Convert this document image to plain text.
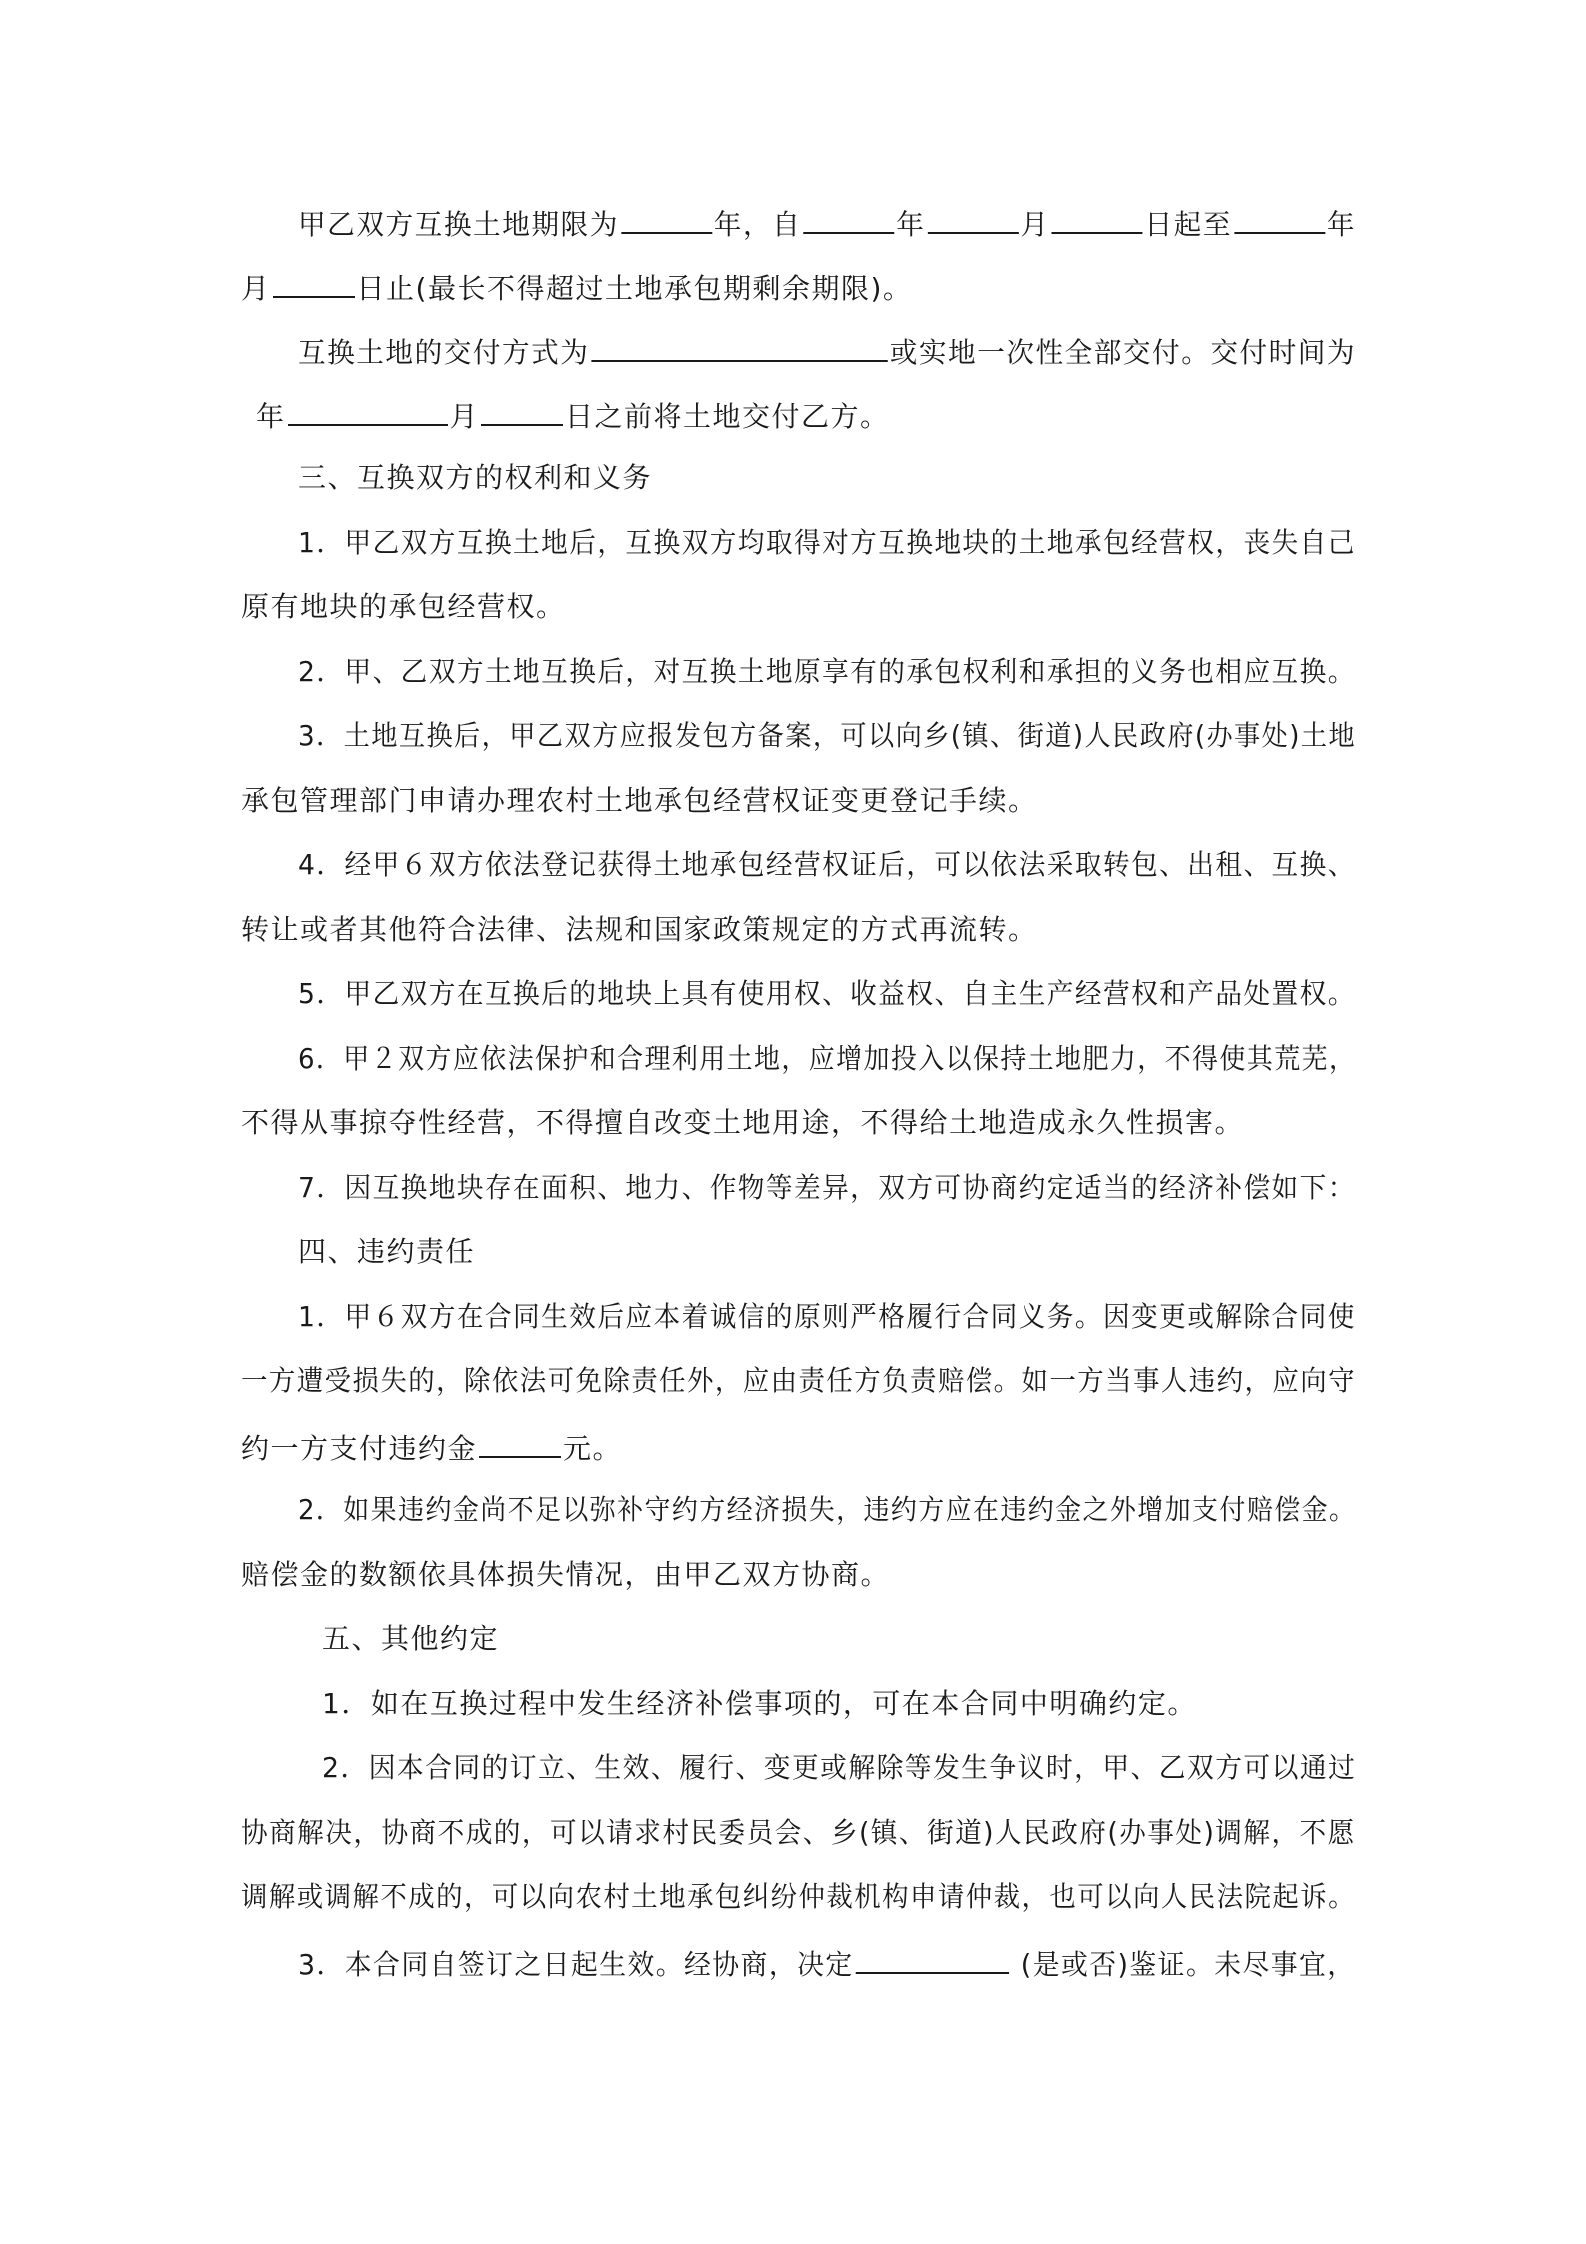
甲乙双方互换土地期限为	年，自	年	月	日起至	年
月	日止(最长不得超过土地承包期剩余期限)。
互换土地的交付方式为	或实地一次性全部交付。交付时间为
年	月	日之前将土地交付乙方。
三、互换双方的权利和义务
1．甲乙双方互换土地后，互换双方均取得对方互换地块的土地承包经营权，丧失自己
原有地块的承包经营权。
2．甲、乙双方土地互换后，对互换土地原享有的承包权利和承担的义务也相应互换。
3．土地互换后，甲乙双方应报发包方备案，可以向乡(镇、街道)人民政府(办事处)土地
承包管理部门申请办理农村土地承包经营权证变更登记手续。
4．经甲６双方依法登记获得土地承包经营权证后，可以依法采取转包、出租、互换、
转让或者其他符合法律、法规和国家政策规定的方式再流转。
5．甲乙双方在互换后的地块上具有使用权、收益权、自主生产经营权和产品处置权。
6．甲２双方应依法保护和合理利用土地，应增加投入以保持土地肥力，不得使其荒芜，
不得从事掠夺性经营，不得擅自改变土地用途，不得给土地造成永久性损害。
7．因互换地块存在面积、地力、作物等差异，双方可协商约定适当的经济补偿如下：
四、违约责任
1．甲６双方在合同生效后应本着诚信的原则严格履行合同义务。因变更或解除合同使
一方遭受损失的，除依法可免除责任外，应由责任方负责赔偿。如一方当事人违约，应向守
约一方支付违约金	元。
2．如果违约金尚不足以弥补守约方经济损失，违约方应在违约金之外增加支付赔偿金。
赔偿金的数额依具体损失情况，由甲乙双方协商。
五、其他约定
1．如在互换过程中发生经济补偿事项的，可在本合同中明确约定。
2．因本合同的订立、生效、履行、变更或解除等发生争议时，甲、乙双方可以通过
协商解决，协商不成的，可以请求村民委员会、乡(镇、街道)人民政府(办事处)调解，不愿
调解或调解不成的，可以向农村土地承包纠纷仲裁机构申请仲裁，也可以向人民法院起诉。
3．本合同自签订之日起生效。经协商，决定	(是或否)鉴证。未尽事宜，
